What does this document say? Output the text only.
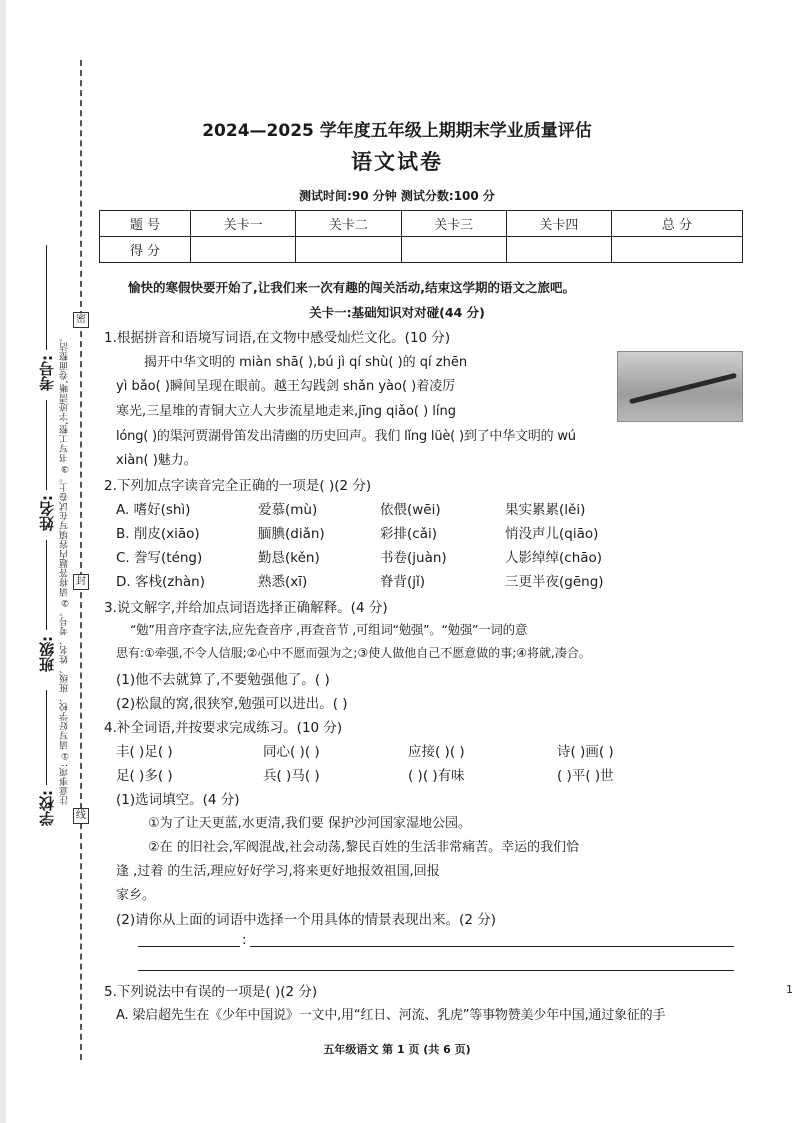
密
封
线
考号:
姓名:
班级:
学校:
注意事项: ①请写好学校、班级、姓名、考号。②请将答题内容填写在试卷上。③书写工整,字迹清晰,卷面整洁。
2024—2025 学年度五年级上期期末学业质量评估
语文试卷
测试时间:90 分钟 测试分数:100 分
题 号	关卡一	关卡二	关卡三	关卡四	总 分
得 分					
愉快的寒假快要开始了,让我们来一次有趣的闯关活动,结束这学期的语文之旅吧。
关卡一:基础知识对对碰(44 分)
1.根据拼音和语境写词语,在文物中感受灿烂文化。(10 分)
揭开中华文明的 miàn shā( ),bú jì qí shù( )的 qí zhēn
yì bǎo( )瞬间呈现在眼前。越王勾践剑 shǎn yào( )着凌厉
寒光,三星堆的青铜大立人大步流星地走来,jīng qiǎo( ) líng
lóng( )的渠河贾湖骨笛发出清幽的历史回声。我们 lǐng lüè( )到了中华文明的 wú
xiàn( )魅力。
2.下列加点字读音完全正确的一项是( )(2 分)
A. 嗜好(shì)	爱慕(mù)	依偎(wēi)	果实累累(lěi)
B. 削皮(xiāo)	腼腆(diǎn)	彩排(cǎi)	悄没声儿(qiāo)
C. 誊写(téng)	勤恳(kěn)	书卷(juàn)	人影绰绰(chāo)
D. 客栈(zhàn)	熟悉(xī)	脊背(jǐ)	三更半夜(gēng)
3.说文解字,并给加点词语选择正确解释。(4 分)
“勉”用音序查字法,应先查音序 ,再查音节 ,可组词“勉强”。“勉强”一词的意
思有:①牵强,不令人信服;②心中不愿而强为之;③使人做他自己不愿意做的事;④将就,凑合。
(1)他不去就算了,不要勉强他了。( )
(2)松鼠的窝,很狭窄,勉强可以进出。( )
4.补全词语,并按要求完成练习。(10 分)
丰( )足( )	同心( )( )	应接( )( )	诗( )画( )
足( )多( )	兵( )马( )	( )( )有味	( )平( )世
(1)选词填空。(4 分)
①为了让天更蓝,水更清,我们要 保护沙河国家湿地公园。
②在 的旧社会,军阀混战,社会动荡,黎民百姓的生活非常痛苦。幸运的我们恰
逢 ,过着 的生活,理应好好学习,将来更好地报效祖国,回报
家乡。
(2)请你从上面的词语中选择一个用具体的情景表现出来。(2 分)
:
5.下列说法中有误的一项是( )(2 分)
A. 梁启超先生在《少年中国说》一文中,用“红日、河流、乳虎”等事物赞美少年中国,通过象征的手
1
五年级语文 第 1 页 (共 6 页)
